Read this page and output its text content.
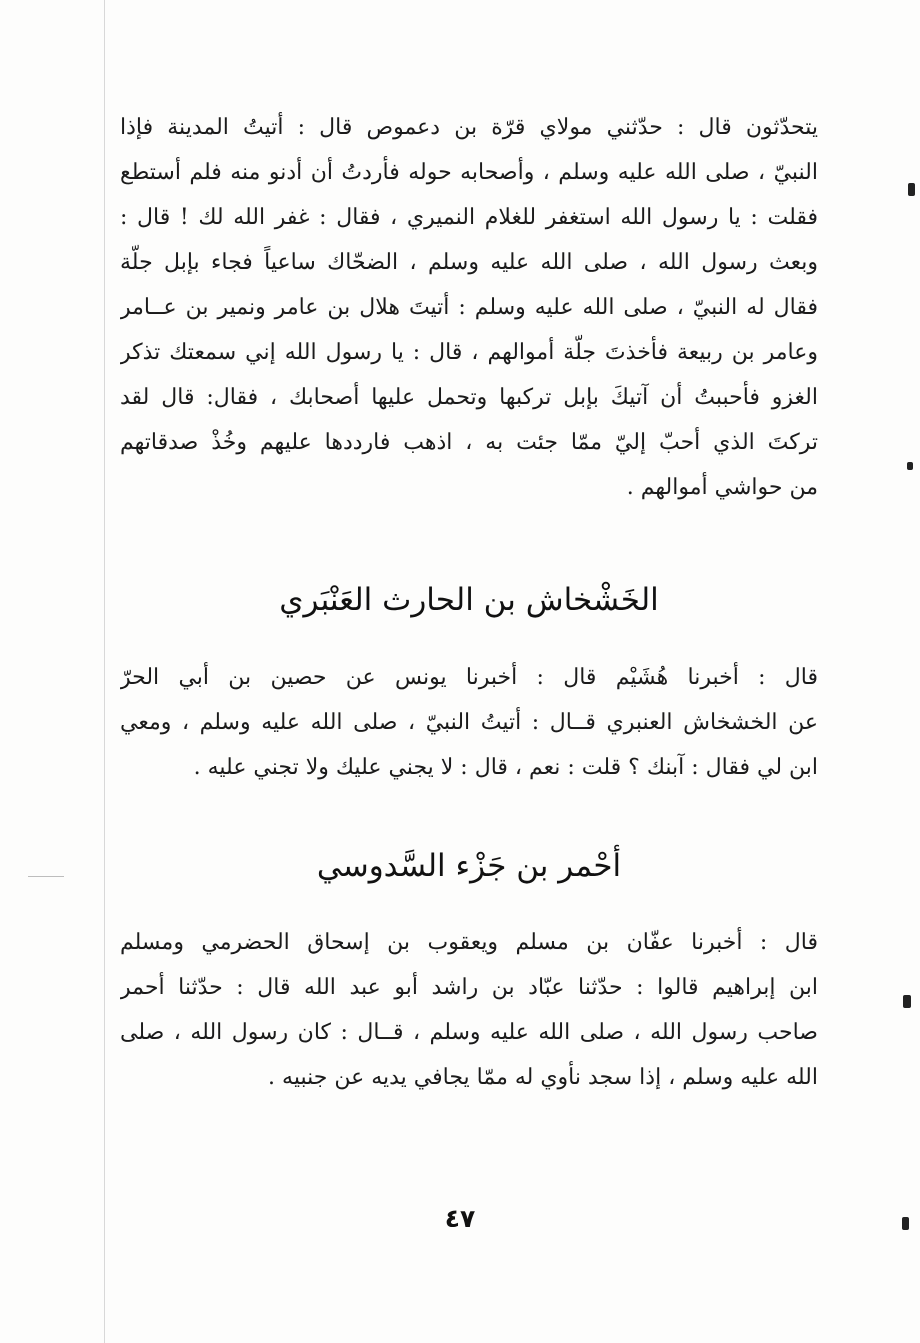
يتحدّثون قال : حدّثني مولاي قرّة بن دعموص قال : أتيتُ المدينة فإذا
النبيّ ، صلى الله عليه وسلم ، وأصحابه حوله فأردتُ أن أدنو منه فلم أستطع
فقلت : يا رسول الله استغفر للغلام النميري ، فقال : غفر الله لك ! قال :
وبعث رسول الله ، صلى الله عليه وسلم ، الضحّاك ساعياً فجاء بإبل جلّة
فقال له النبيّ ، صلى الله عليه وسلم : أتيتَ هلال بن عامر ونمير بن عــامر
وعامر بن ربيعة فأخذتَ جلّة أموالهم ، قال : يا رسول الله إني سمعتك تذكر
الغزو فأحببتُ أن آتيكَ بإبل تركبها وتحمل عليها أصحابك ، فقال: قال لقد
تركتَ الذي أحبّ إليّ ممّا جئت به ، اذهب فارددها عليهم وخُذْ صدقاتهم
من حواشي أموالهم .
الخَشْخاش بن الحارث العَنْبَري
قال : أخبرنا هُشَيْم قال : أخبرنا يونس عن حصين بن أبي الحرّ
عن الخشخاش العنبري قــال : أتيتُ النبيّ ، صلى الله عليه وسلم ، ومعي
ابن لي فقال : آبنك ؟ قلت : نعم ، قال : لا يجني عليك ولا تجني عليه .
أحْمر بن جَزْء السَّدوسي
قال : أخبرنا عفّان بن مسلم ويعقوب بن إسحاق الحضرمي ومسلم
ابن إبراهيم قالوا : حدّثنا عبّاد بن راشد أبو عبد الله قال : حدّثنا أحمر
صاحب رسول الله ، صلى الله عليه وسلم ، قــال : كان رسول الله ، صلى
الله عليه وسلم ، إذا سجد نأوي له ممّا يجافي يديه عن جنبيه .
٤٧
